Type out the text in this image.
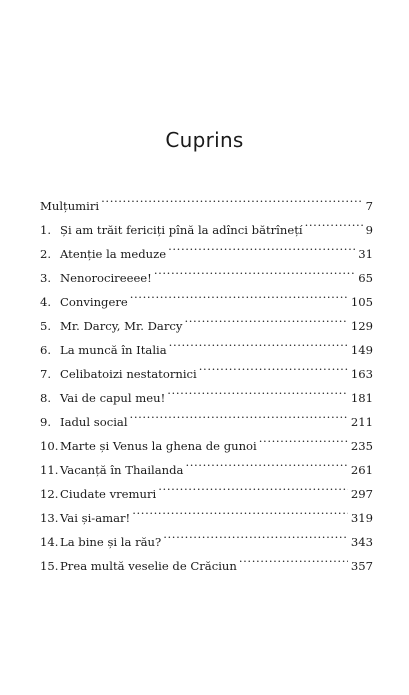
Cuprins
Mulțumiri .....	7
1. Și am trăit fericiți pînă la adînci bătrînețí .....	9
2. Atenție la meduze .....	31
3. Nenorocireeee! .....	65
4. Convingere .....	105
5. Mr. Darcy, Mr. Darcy .....	129
6. La muncă în Italia .....	149
7. Celibatoizi nestatornici .....	163
8. Vai de capul meu! .....	181
9. Iadul social .....	211
10. Marte și Venus la ghena de gunoi .....	235
11. Vacanță în Thailanda .....	261
12. Ciudate vremuri .....	297
13. Vai și-amar! .....	319
14. La bine și la rău? .....	343
15. Prea multă veselie de Crăciun .....	357
